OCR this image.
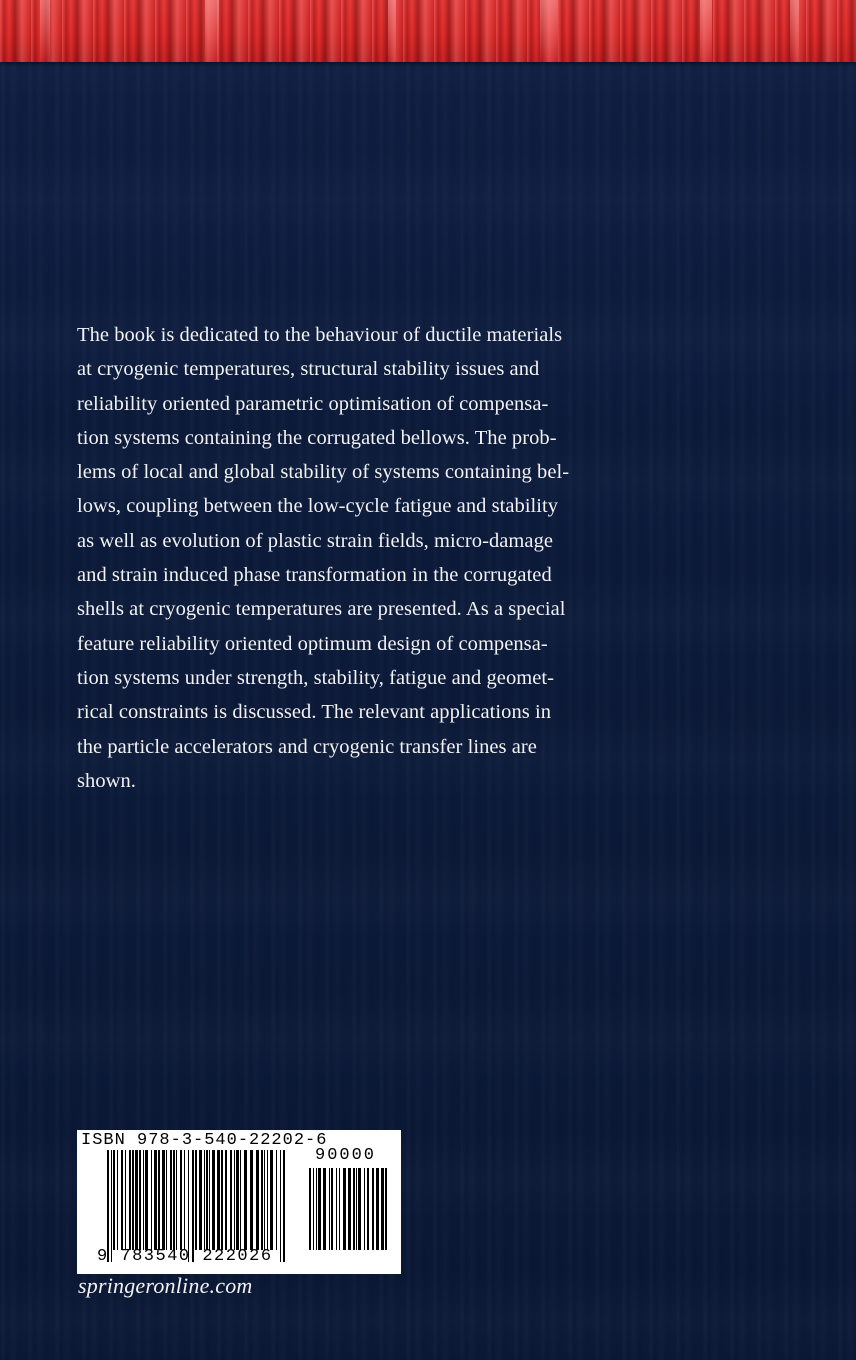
The book is dedicated to the behaviour of ductile materials
at cryogenic temperatures, structural stability issues and
reliability oriented parametric optimisation of compensa-
tion systems containing the corrugated bellows. The prob-
lems of local and global stability of systems containing bel-
lows, coupling between the low-cycle fatigue and stability
as well as evolution of plastic strain fields, micro-damage
and strain induced phase transformation in the corrugated
shells at cryogenic temperatures are presented. As a special
feature reliability oriented optimum design of compensa-
tion systems under strength, stability, fatigue and geomet-
rical constraints is discussed. The relevant applications in
the particle accelerators and cryogenic transfer lines are
shown.
ISBN 978-3-540-22202-6
90000
9 783540 222026
springeronline.com
